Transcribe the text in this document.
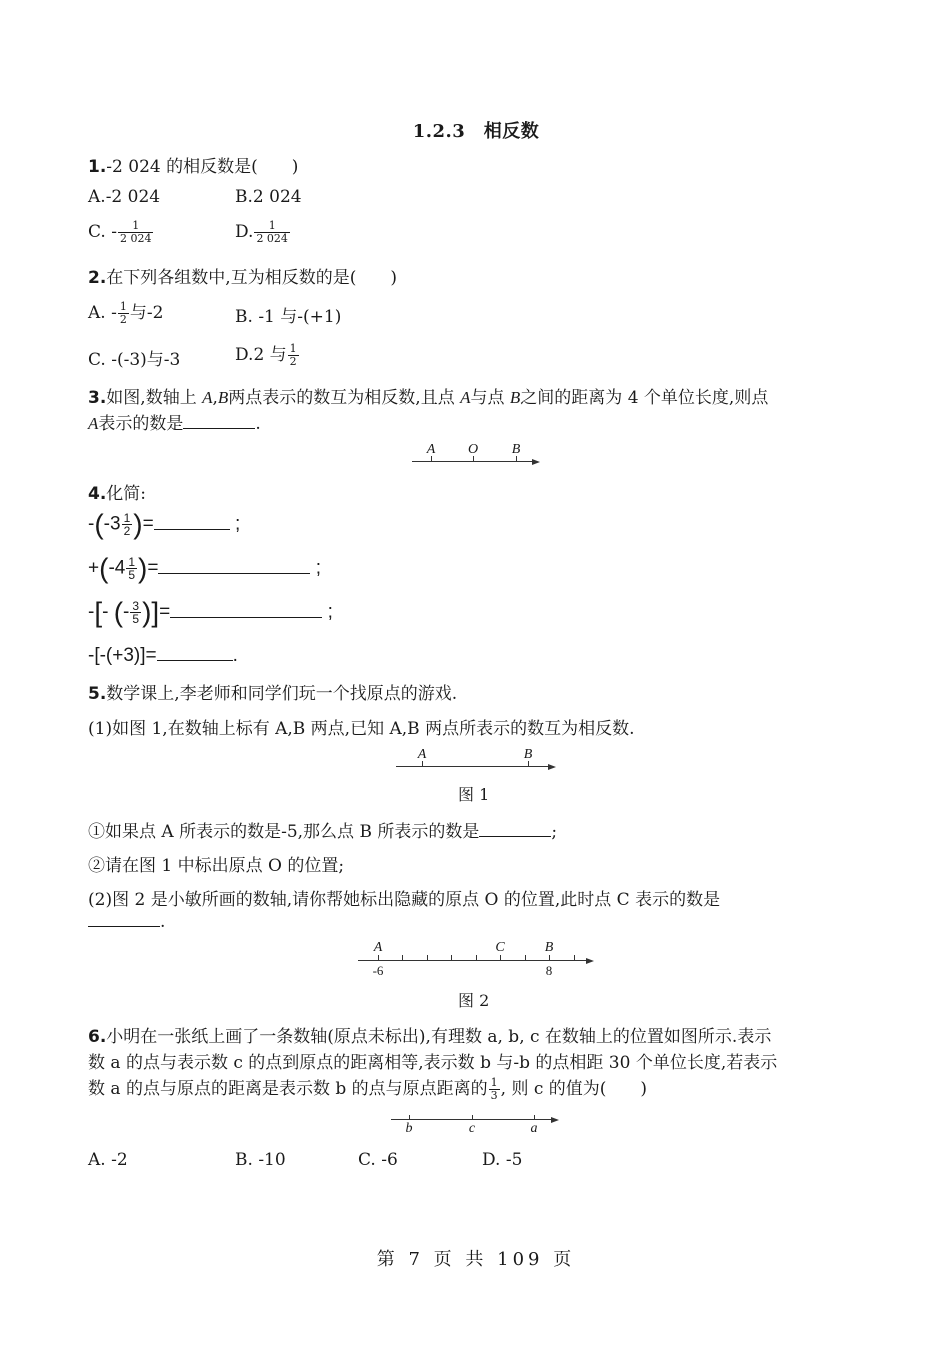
1.2.3　相反数
1.-2 024 的相反数是(　　)
A.-2 024	B.2 024
C. - $\frac{1}{2 024}$	D. $\frac{1}{2 024}$
2.在下列各组数中,互为相反数的是(　　)
A. - $\frac{1}{2}$ 与-2	B. -1 与-(+1)
C. -(-3)与-3	D.2 与 $\frac{1}{2}$
3.如图,数轴上 A,B两点表示的数互为相反数,且点 A与点 B之间的距离为 4 个单位长度,则点
A表示的数是	.
A O B
4.化简:
$-(-3 \frac{1}{2}$ )=	;
$+(-4 \frac{1}{5}$ )=	;
-[- (- $\frac{3}{5}$ )]=	;
-[-(+3)]=	.
5.数学课上,李老师和同学们玩一个找原点的游戏.
(1)如图 1,在数轴上标有 A,B 两点,已知 A,B 两点所表示的数互为相反数.
A	B
图 1
①如果点 A 所表示的数是-5,那么点 B 所表示的数是	;
②请在图 1 中标出原点 O 的位置;
(2)图 2 是小敏所画的数轴,请你帮她标出隐藏的原点 O 的位置,此时点 C 表示的数是
.
A	C	B
-6	8
图 2
6.小明在一张纸上画了一条数轴(原点未标出),有理数 a, b, c 在数轴上的位置如图所示.表示
数 a 的点与表示数 c 的点到原点的距离相等,表示数 b 与-b 的点相距 30 个单位长度,若表示
数 a 的点与原点的距离是表示数 b 的点与原点距离的 $\frac{1}{3}$ , 则 c 的值为(　　)
b	c	a
A. -2	B. -10	C. -6	D. -5
第 7 页 共 109 页
